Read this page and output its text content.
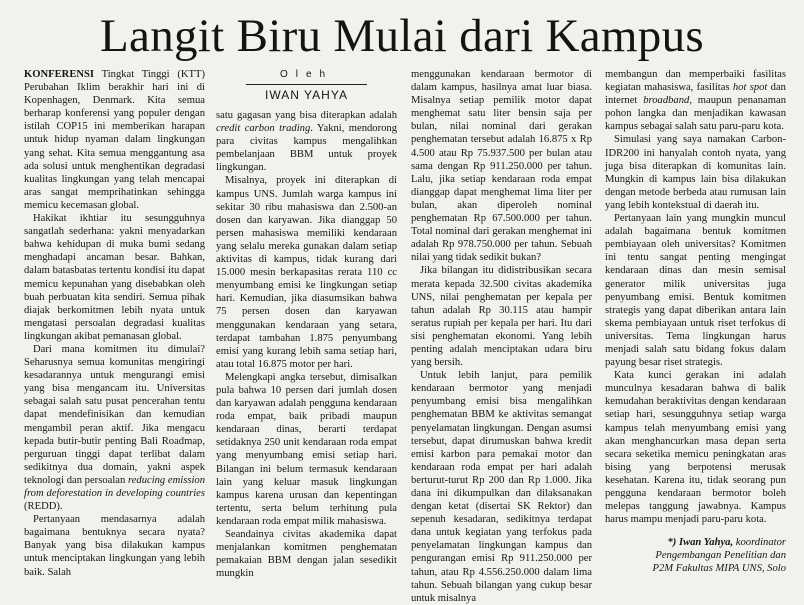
Langit Biru Mulai dari Kampus

KONFERENSI Tingkat Tinggi (KTT) Perubahan Iklim berakhir hari ini di Kopenhagen, Denmark. Kita semua berharap konferensi yang populer dengan istilah COP15 ini memberikan harapan untuk hidup nyaman dalam lingkungan yang sehat. Kita semua menggantung asa ada solusi untuk menghentikan degradasi kualitas lingkungan yang telah mencapai aras sangat memprihatinkan sehingga memicu kecemasan global.

Hakikat ikhtiar itu sesungguhnya sangatlah sederhana: yakni menyadarkan bahwa kehidupan di muka bumi sedang menghadapi ancaman besar. Bahkan, dalam batasbatas tertentu kondisi itu dapat memicu kepunahan yang disebabkan oleh buah perbuatan kita sendiri. Semua pihak diajak berkomitmen lebih nyata untuk mengatasi persoalan degradasi kualitas lingkungan akibat pemanasan global.

Dari mana komitmen itu dimulai? Seharusnya semua komunitas mengiringi kesadarannya untuk mengurangi emisi yang bisa mengancam itu. Universitas sebagai salah satu pusat pencerahan tentu dapat mendefinisikan dan kemudian mengambil peran aktif. Jika mengacu kepada butir-butir penting Bali Roadmap, perguruan tinggi dapat terlibat dalam sedikitnya dua domain, yakni aspek teknologi dan persoalan reducing emission from deforestation in developing countries (REDD).

Pertanyaan mendasarnya adalah bagaimana bentuknya secara nyata? Banyak yang bisa dilakukan kampus untuk menciptakan lingkungan yang lebih baik. Salah

Oleh
IWAN YAHYA

satu gagasan yang bisa diterapkan adalah credit carbon trading. Yakni, mendorong para civitas kampus mengalihkan pembelanjaan BBM untuk proyek lingkungan.

Misalnya, proyek ini diterapkan di kampus UNS. Jumlah warga kampus ini sekitar 30 ribu mahasiswa dan 2.500-an dosen dan karyawan. Jika dianggap 50 persen mahasiswa memiliki kendaraan yang selalu mereka gunakan dalam setiap aktivitas di kampus, tidak kurang dari 15.000 mesin berkapasitas rerata 110 cc menyumbang emisi ke lingkungan setiap hari. Kemudian, jika diasumsikan bahwa 75 persen dosen dan karyawan menggunakan kendaraan yang setara, terdapat tambahan 1.875 penyumbang emisi yang kurang lebih sama setiap hari, atau total 16.875 motor per hari.

Melengkapi angka tersebut, dimisalkan pula bahwa 10 persen dari jumlah dosen dan karyawan adalah pengguna kendaraan roda empat, baik pribadi maupun kendaraan dinas, berarti terdapat setidaknya 250 unit kendaraan roda empat yang menyumbang emisi setiap hari. Bilangan ini belum termasuk kendaraan lain yang keluar masuk lingkungan kampus karena urusan dan kepentingan tertentu, serta belum terhitung pula kendaraan roda empat milik mahasiswa.

Seandainya civitas akademika dapat menjalankan komitmen penghematan pemakaian BBM dengan jalan sesedikit mungkin

menggunakan kendaraan bermotor di dalam kampus, hasilnya amat luar biasa. Misalnya setiap pemilik motor dapat menghemat satu liter bensin saja per bulan, nilai nominal dari gerakan penghematan tersebut adalah 16.875 x Rp 4.500 atau Rp 75.937.500 per bulan atau sama dengan Rp 911.250.000 per tahun. Lalu, jika setiap kendaraan roda empat dianggap dapat menghemat lima liter per bulan, akan diperoleh nominal penghematan Rp 67.500.000 per tahun. Total nominal dari gerakan menghemat ini adalah Rp 978.750.000 per tahun. Sebuah nilai yang tidak sedikit bukan?

Jika bilangan itu didistribusikan secara merata kepada 32.500 civitas akademika UNS, nilai penghematan per kepala per tahun adalah Rp 30.115 atau hampir seratus rupiah per kepala per hari. Itu dari sisi penghematan ekonomi. Yang lebih penting adalah menciptakan udara biru yang bersih.

Untuk lebih lanjut, para pemilik kendaraan bermotor yang menjadi penyumbang emisi bisa mengalihkan penghematan BBM ke aktivitas semangat penyelamatan lingkungan. Dengan asumsi tersebut, dapat dirumuskan bahwa kredit emisi karbon para pemakai motor dan kendaraan roda empat per hari adalah berturut-turut Rp 200 dan Rp 1.000. Jika dana ini dikumpulkan dan dilaksanakan dengan ketat (disertai SK Rektor) dan sepenuh kesadaran, sedikitnya terdapat dana untuk kegiatan yang terfokus pada penyelamatan lingkungan kampus dan pengurangan emisi Rp 911.250.000 per tahun, atau Rp 4.556.250.000 dalam lima tahun. Sebuah bilangan yang cukup besar untuk misalnya

membangun dan memperbaiki fasilitas kegiatan mahasiswa, fasilitas hot spot dan internet broadband, maupun penanaman pohon langka dan menjadikan kawasan kampus sebagai salah satu paru-paru kota.

Simulasi yang saya namakan Carbon-IDR200 ini hanyalah contoh nyata, yang juga bisa diterapkan di komunitas lain. Mungkin di kampus lain bisa dilakukan dengan metode berbeda atau rumusan lain yang lebih kontekstual di daerah itu.

Pertanyaan lain yang mungkin muncul adalah bagaimana bentuk komitmen pembiayaan oleh universitas? Komitmen ini tentu sangat penting mengingat kendaraan dinas dan mesin semisal generator milik universitas juga penyumbang emisi. Bentuk komitmen strategis yang dapat diberikan antara lain skema pembiayaan untuk riset terfokus di universitas. Tema lingkungan harus menjadi salah satu bidang fokus dalam payung besar riset strategis.

Kata kunci gerakan ini adalah munculnya kesadaran bahwa di balik kemudahan beraktivitas dengan kendaraan setiap hari, sesungguhnya setiap warga kampus telah menyumbang emisi yang akan menghancurkan masa depan serta secara seketika memicu peningkatan aras bising yang berpotensi merusak kesehatan. Karena itu, tidak seorang pun pengguna kendaraan bermotor boleh melepas tanggung jawabnya. Kampus harus mampu menjadi paru-paru kota.

*) Iwan Yahya, koordinator
Pengembangan Penelitian dan
P2M Fakultas MIPA UNS, Solo
